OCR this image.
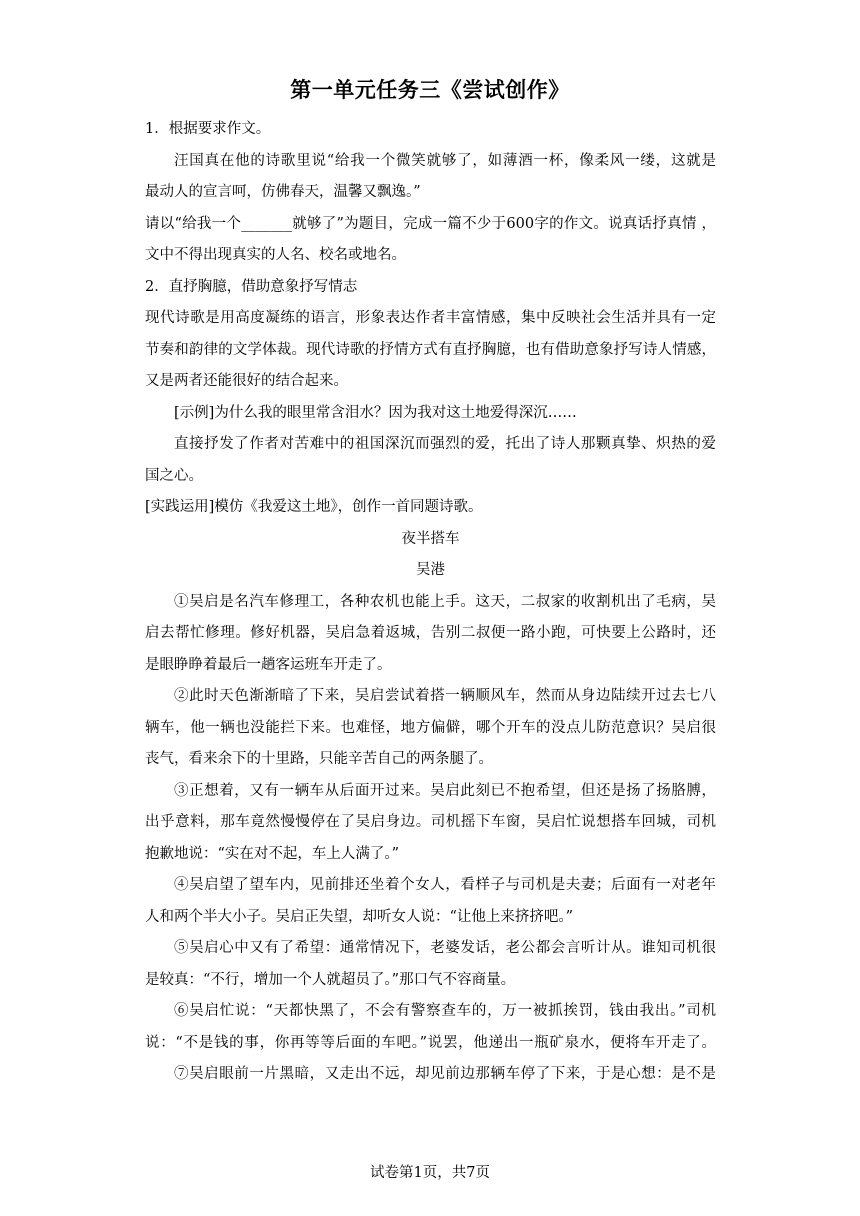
第一单元任务三《尝试创作》
1．根据要求作文。
汪国真在他的诗歌里说“给我一个微笑就够了，如薄酒一杯，像柔风一缕，这就是
最动人的宣言呵，仿佛春天，温馨又飘逸。”
请以“给我一个_______就够了”为题目，完成一篇不少于600字的作文。说真话抒真情 ，
文中不得出现真实的人名、校名或地名。
2．直抒胸臆，借助意象抒写情志
现代诗歌是用高度凝练的语言，形象表达作者丰富情感，集中反映社会生活并具有一定
节奏和韵律的文学体裁。现代诗歌的抒情方式有直抒胸臆，也有借助意象抒写诗人情感，
又是两者还能很好的结合起来。
[示例]为什么我的眼里常含泪水？因为我对这土地爱得深沉……
直接抒发了作者对苦难中的祖国深沉而强烈的爱，托出了诗人那颗真挚、炽热的爱
国之心。
[实践运用]模仿《我爱这土地》，创作一首同题诗歌。
夜半搭车
吴港
①吴启是名汽车修理工，各种农机也能上手。这天，二叔家的收割机出了毛病，吴
启去帮忙修理。修好机器，吴启急着返城，告别二叔便一路小跑，可快要上公路时，还
是眼睁睁着最后一趟客运班车开走了。
②此时天色渐渐暗了下来，吴启尝试着搭一辆顺风车，然而从身边陆续开过去七八
辆车，他一辆也没能拦下来。也难怪，地方偏僻，哪个开车的没点儿防范意识？吴启很
丧气，看来余下的十里路，只能辛苦自己的两条腿了。
③正想着，又有一辆车从后面开过来。吴启此刻已不抱希望，但还是扬了扬胳膊，
出乎意料，那车竟然慢慢停在了吴启身边。司机摇下车窗，吴启忙说想搭车回城，司机
抱歉地说：“实在对不起，车上人满了。”
④吴启望了望车内，见前排还坐着个女人，看样子与司机是夫妻；后面有一对老年
人和两个半大小子。吴启正失望，却听女人说：“让他上来挤挤吧。”
⑤吴启心中又有了希望：通常情况下，老婆发话，老公都会言听计从。谁知司机很
是较真：“不行，增加一个人就超员了。”那口气不容商量。
⑥吴启忙说：“天都快黑了，不会有警察查车的，万一被抓挨罚，钱由我出。”司机
说：“不是钱的事，你再等等后面的车吧。”说罢，他递出一瓶矿泉水，便将车开走了。
⑦吴启眼前一片黑暗，又走出不远，却见前边那辆车停了下来，于是心想：是不是
试卷第1页，共7页
